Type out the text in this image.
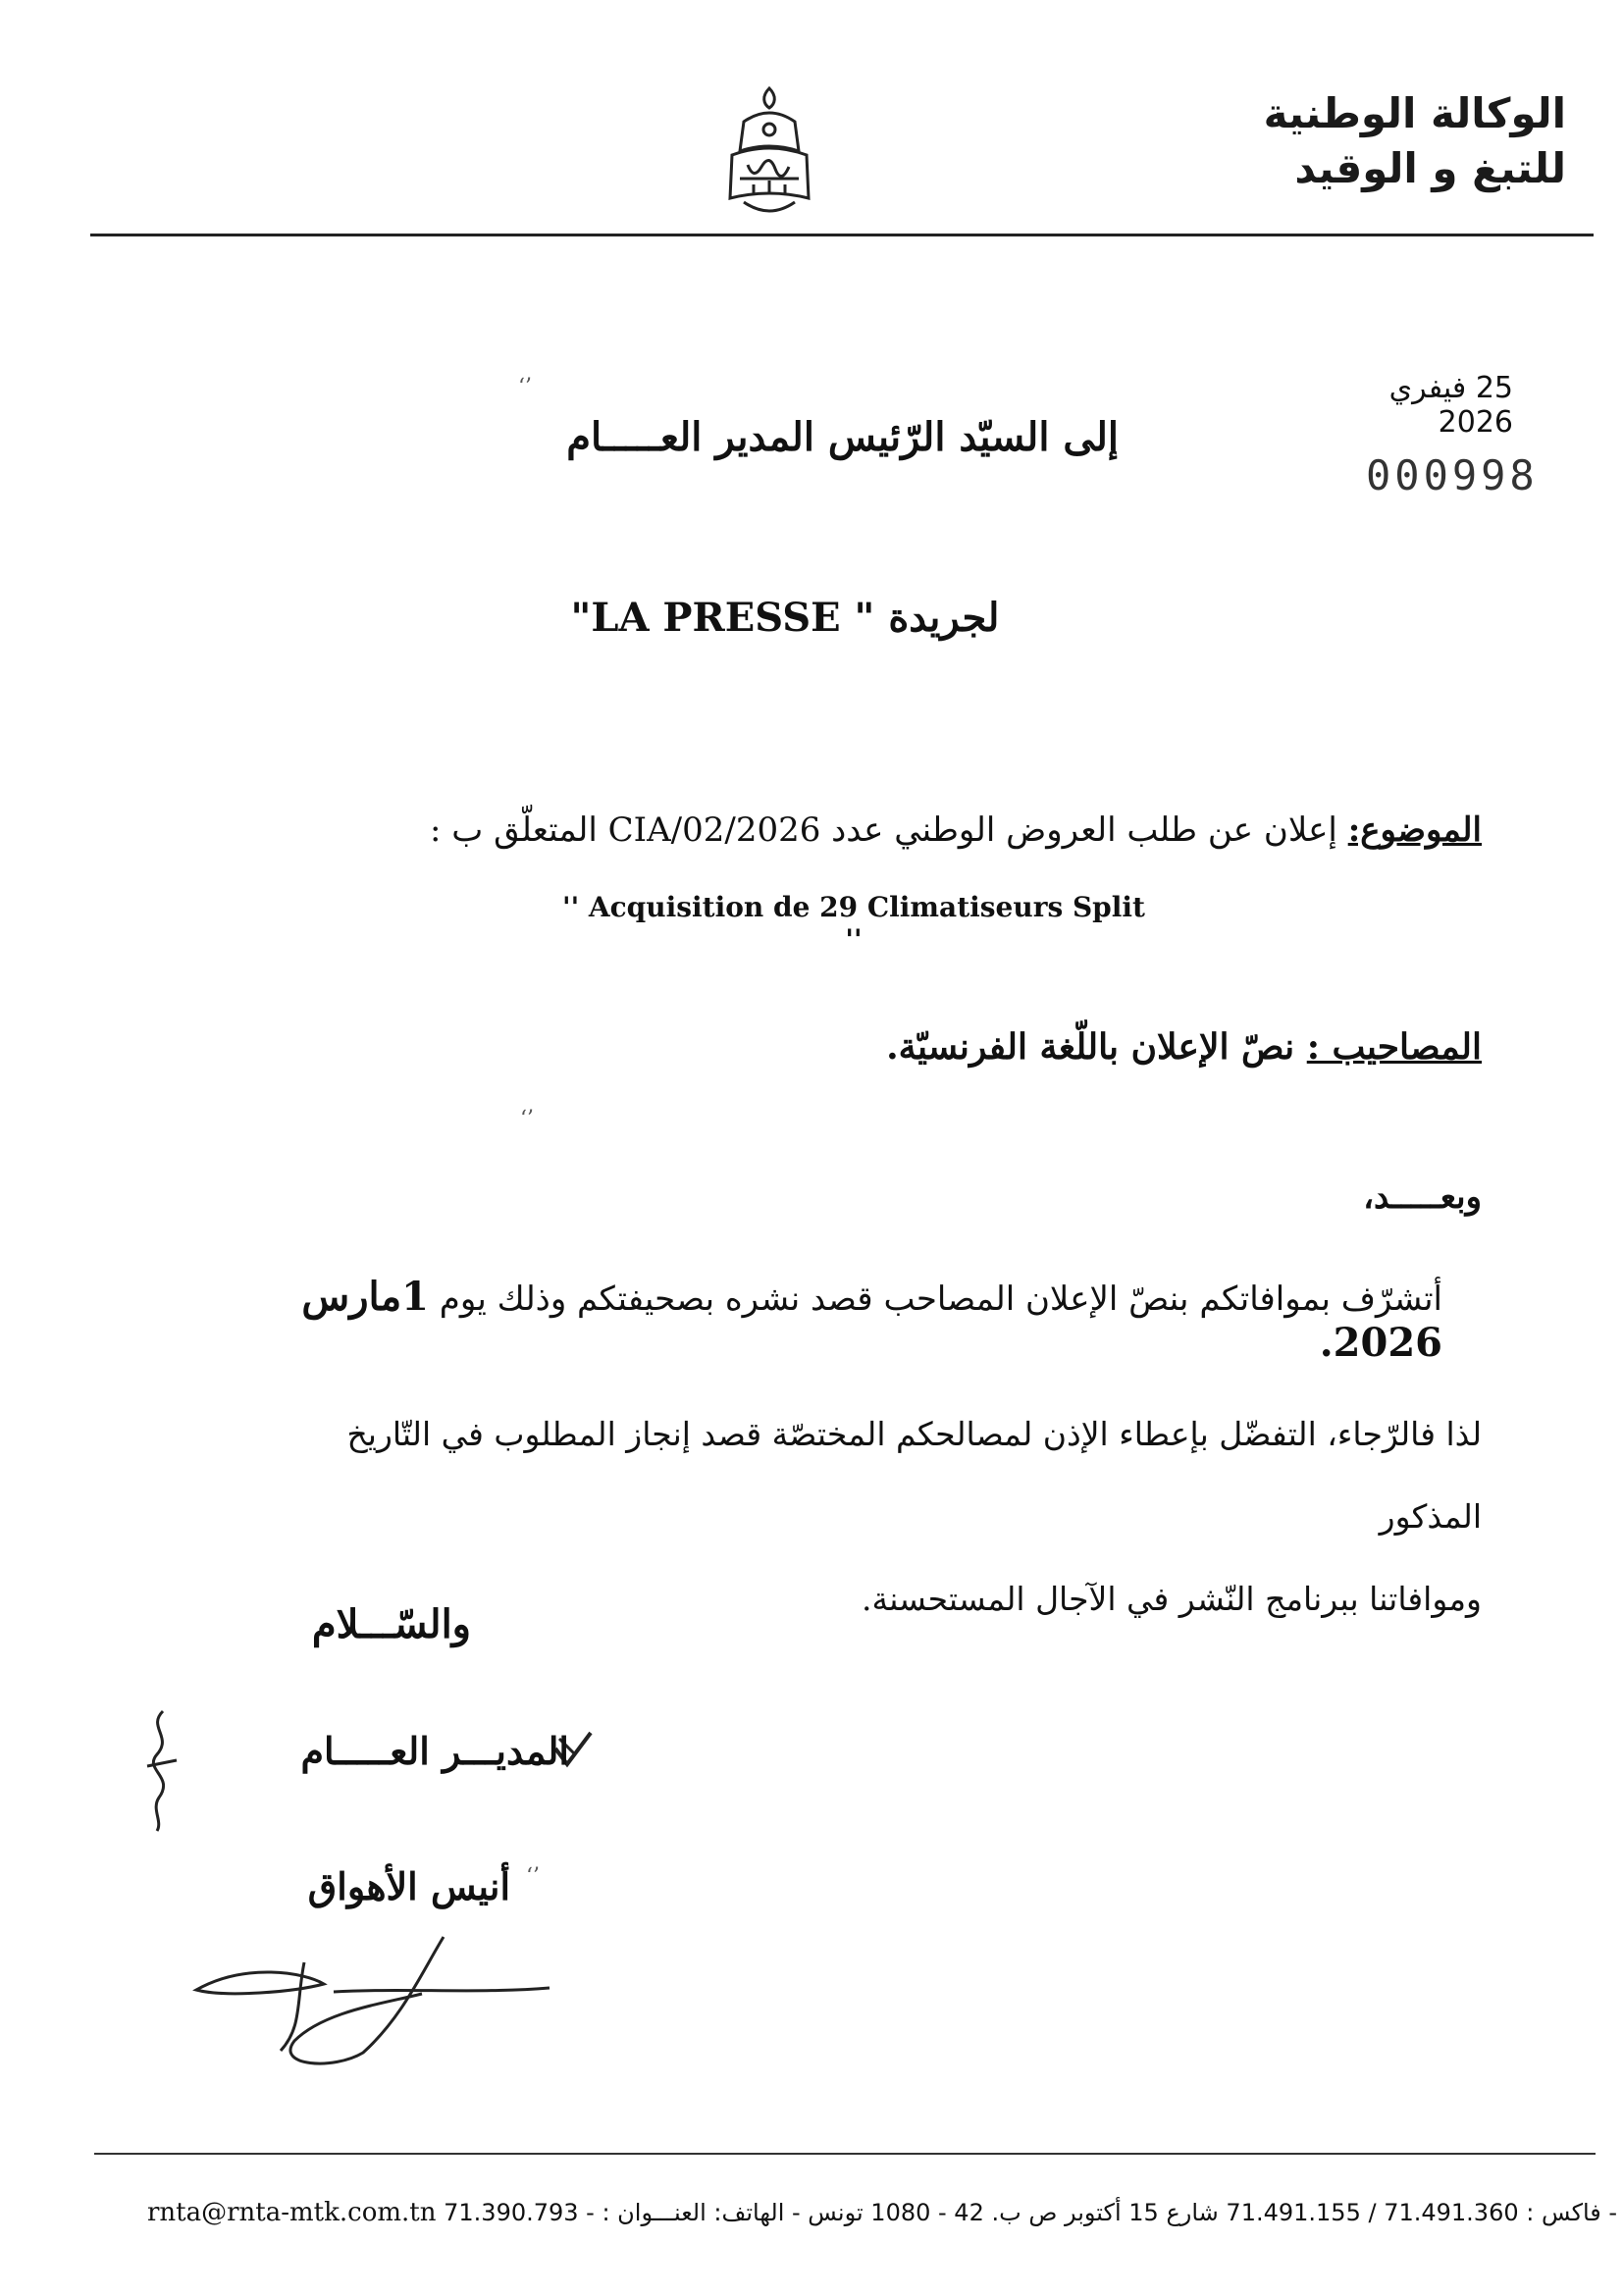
الوكالة الوطنية
للتبغ و الوقيد
25 فيفري 2026
000998
إلى السيّد الرّئيس المدير العـــــام
لجريدة "LA PRESSE "
الموضوع: إعلان عن طلب العروض الوطني عدد 2026/CIA/02 المتعلّق ب :
'' Acquisition de 29 Climatiseurs Split ''
المصاحيب : نصّ الإعلان باللّغة الفرنسيّة.
وبعـــــد،
أتشرّف بموافاتكم بنصّ الإعلان المصاحب قصد نشره بصحيفتكم وذلك يوم 1مارس 2026.
لذا فالرّجاء، التفضّل بإعطاء الإذن لمصالحكم المختصّة قصد إنجاز المطلوب في التّاريخ المذكور
وموافاتنا ببرنامج النّشر في الآجال المستحسنة.
والسّـــلام
المديـــر العـــــام
أنيس الأهواق
‘’
‘’
‘’
rnta@rnta-mtk.com.tn 71.390.793 -	- فاكس : 71.491.360 / 71.491.155 شارع 15 أكتوبر ص ب. 42 - 1080 تونس - الهاتف: العنـــوان :
